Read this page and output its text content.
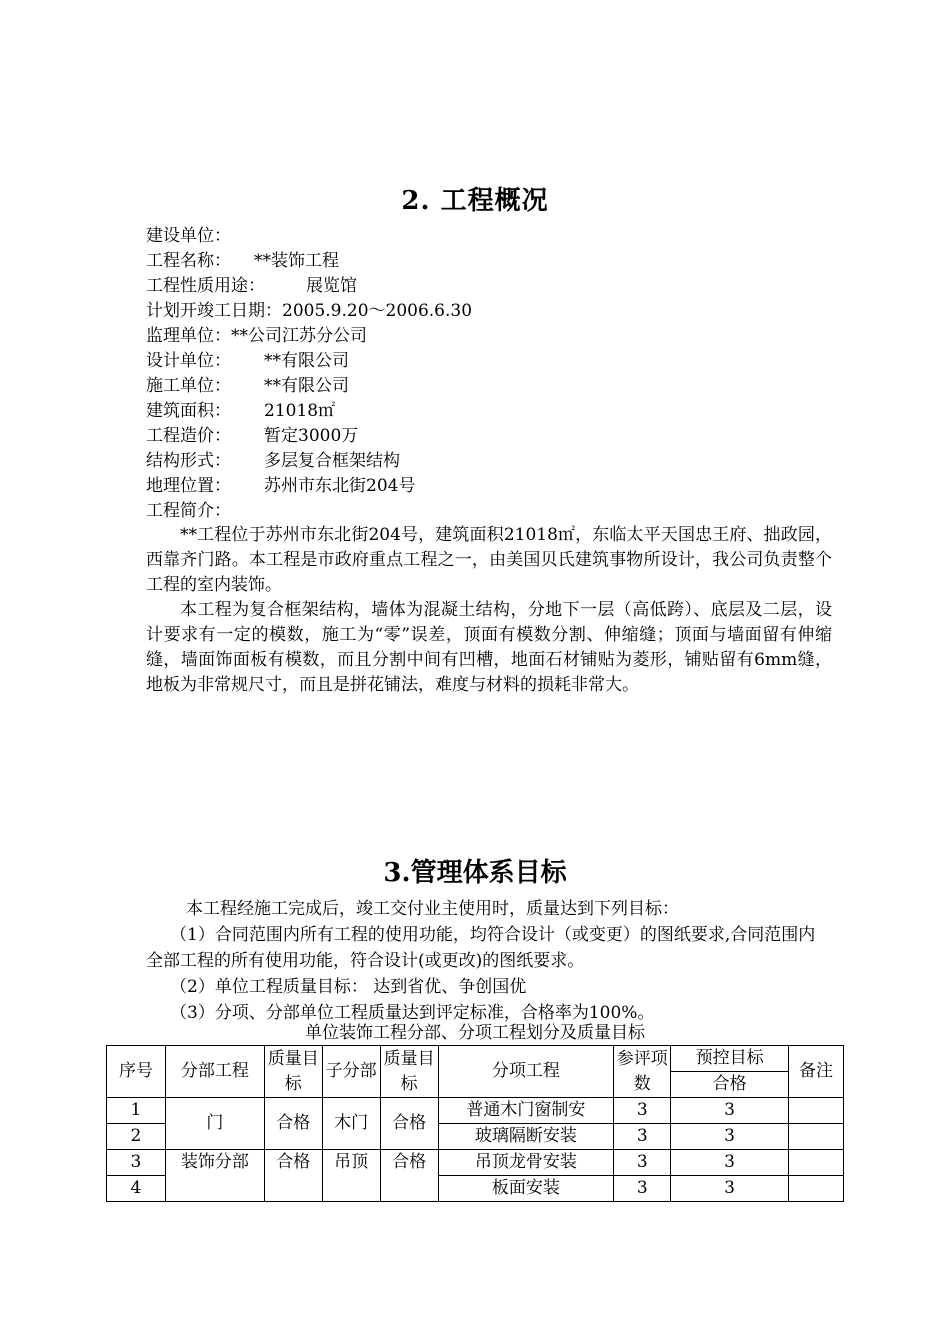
2. 工程概况
建设单位：
工程名称： **装饰工程
工程性质用途： 展览馆
计划开竣工日期：2005.9.20～2006.6.30
监理单位：**公司江苏分公司
设计单位： **有限公司
施工单位： **有限公司
建筑面积： 21018㎡
工程造价： 暂定3000万
结构形式： 多层复合框架结构
地理位置： 苏州市东北街204号
工程简介：

**工程位于苏州市东北街204号，建筑面积21018㎡，东临太平天国忠王府、拙政园，西靠齐门路。本工程是市政府重点工程之一，由美国贝氏建筑事物所设计，我公司负责整个工程的室内装饰。

本工程为复合框架结构，墙体为混凝土结构，分地下一层（高低跨）、底层及二层，设计要求有一定的模数，施工为“零”误差，顶面有模数分割、伸缩缝；顶面与墙面留有伸缩缝，墙面饰面板有模数，而且分割中间有凹槽，地面石材铺贴为菱形，铺贴留有6mm缝，地板为非常规尺寸，而且是拼花铺法，难度与材料的损耗非常大。

3.管理体系目标

本工程经施工完成后，竣工交付业主使用时，质量达到下列目标：

（1）合同范围内所有工程的使用功能，均符合设计（或变更）的图纸要求,合同范围内全部工程的所有使用功能，符合设计(或更改)的图纸要求。

（2）单位工程质量目标： 达到省优、争创国优

（3）分项、分部单位工程质量达到评定标准，合格率为100%。

单位装饰工程分部、分项工程划分及质量目标
序号	分部工程	质量目标	子分部	质量目标	分项工程	参评项数	预控目标	备注
							合格	
1	门	合格	木门	合格	普通木门窗制安	3	3	
2					玻璃隔断安装	3	3	
3	装饰分部	合格	吊顶	合格	吊顶龙骨安装	3	3	
4					板面安装	3	3	
